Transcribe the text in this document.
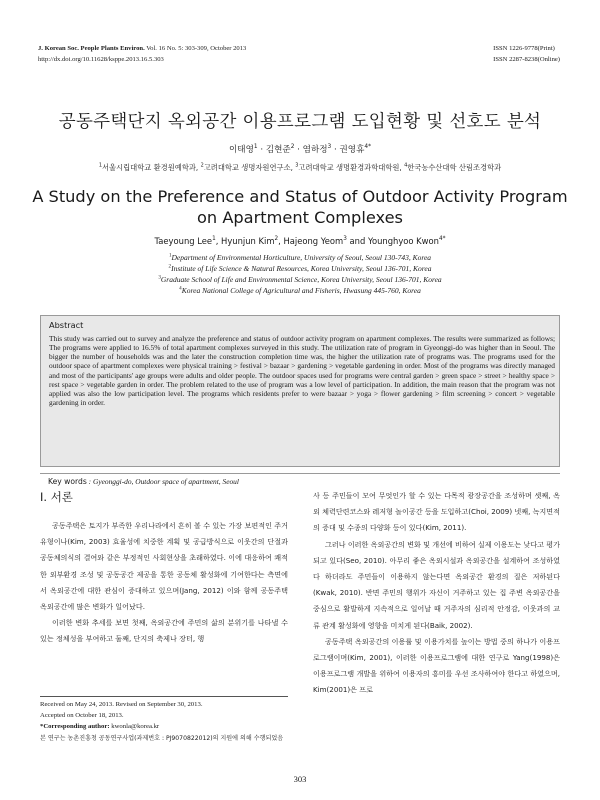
J. Korean Soc. People Plants Environ. Vol. 16 No. 5: 303-309, October 2013
http://dx.doi.org/10.11628/ksppe.2013.16.5.303
ISSN 1226-9778(Print)
ISSN 2287-8238(Online)
공동주택단지 옥외공간 이용프로그램 도입현황 및 선호도 분석
이태영$^1$ · 김현준$^2$ · 염하정$^3$ · 권영휴$^{4*}$
$^1$서울시립대학교 환경원예학과, $^2$고려대학교 생명자원연구소, $^3$고려대학교 생명환경과학대학원, $^4$한국농수산대학 산림조경학과
A Study on the Preference and Status of Outdoor Activity Program
on Apartment Complexes
Taeyoung Lee$^1$, Hyunjun Kim$^2$, Hajeong Yeom$^3$ and Younghyoo Kwon$^{4*}$
$^1$Department of Environmental Horticulture, University of Seoul, Seoul 130-743, Korea
$^2$Institute of Life Science & Natural Resources, Korea University, Seoul 136-701, Korea
$^3$Graduate School of Life and Environmental Science, Korea University, Seoul 136-701, Korea
$^4$Korea National College of Agricultural and Fisheris, Hwasung 445-760, Korea
Abstract
This study was carried out to survey and analyze the preference and status of outdoor activity program on apartment complexes. The results were summarized as follows; The programs were applied to 16.5% of total apartment complexes surveyed in this study. The utilization rate of program in Gyeonggi-do was higher than in Seoul. The bigger the number of households was and the later the construction completion time was, the higher the utilization rate of programs was. The programs used for the outdoor space of apartment complexes were physical training > festival > bazaar > gardening > vegetable gardening in order. Most of the programs was directly managed and most of the participants' age groups were adults and older people. The outdoor spaces used for programs were central garden > green space > street > healthy space > rest space > vegetable garden in order. The problem related to the use of program was a low level of participation. In addition, the main reason that the program was not applied was also the low participation level. The programs which residents prefer to were bazaar > yoga > flower gardening > film screening > concert > vegetable gardening in order.
Key words : Gyeonggi-do, Outdoor space of apartment, Seoul
Ⅰ. 서론

공동주택은 토지가 부족한 우리나라에서 흔히 볼 수 있는 가장 보편적인 주거유형이나(Kim, 2003) 효율성에 치중한 계획 및 공급방식으로 이웃간의 단절과 공동체의식의 결여와 같은 부정적인 사회현상을 초래하였다. 이에 대응하여 쾌적한 외부환경 조성 및 공동공간 제공을 통한 공동체 활성화에 기여한다는 측면에서 옥외공간에 대한 관심이 증대하고 있으며(Jang, 2012) 이와 함께 공동주택 옥외공간에 많은 변화가 일어났다.

이러한 변화 추세를 보면 첫째, 옥외공간에 주민의 삶의 분위기를 나타낼 수 있는 정체성을 부여하고 둘째, 단지의 축제나 장터, 행

사 등 주민들이 모여 무엇인가 할 수 있는 다목적 광장공간을 조성하며 셋째, 옥외 체력단련코스와 레저형 놀이공간 등을 도입하고(Choi, 2009) 넷째, 녹지면적의 증대 및 수종의 다양화 등이 있다(Kim, 2011).

그러나 이러한 옥외공간의 변화 및 개선에 비하여 실제 이용도는 낮다고 평가되고 있다(Seo, 2010). 아무리 좋은 옥외시설과 옥외공간을 설계하여 조성하였다 하더라도 주민들이 이용하지 않는다면 옥외공간 환경의 질은 저하된다(Kwak, 2010). 반면 주민의 행위가 자신이 거주하고 있는 집 주변 옥외공간을 중심으로 활발하게 지속적으로 일어날 때 거주자의 심리적 안정감, 이웃과의 교류 관계 활성화에 영향을 미치게 된다(Baik, 2002).

공동주택 옥외공간의 이용률 및 이용가치를 높이는 방법 중의 하나가 이용프로그램이며(Kim, 2001), 이러한 이용프로그램에 대한 연구로 Yang(1998)은 이용프로그램 개발을 위하여 이용자의 흥미를 우선 조사하여야 한다고 하였으며, Kim(2001)은 프로

Received on May 24, 2013. Revised on September 30, 2013.
Accepted on October 18, 2013.
*Corresponding author: kwonla@korea.kr
본 연구는 농촌진흥청 공동연구사업(과제번호 : PJ9070822012)의 지원에 의해 수행되었음
303
